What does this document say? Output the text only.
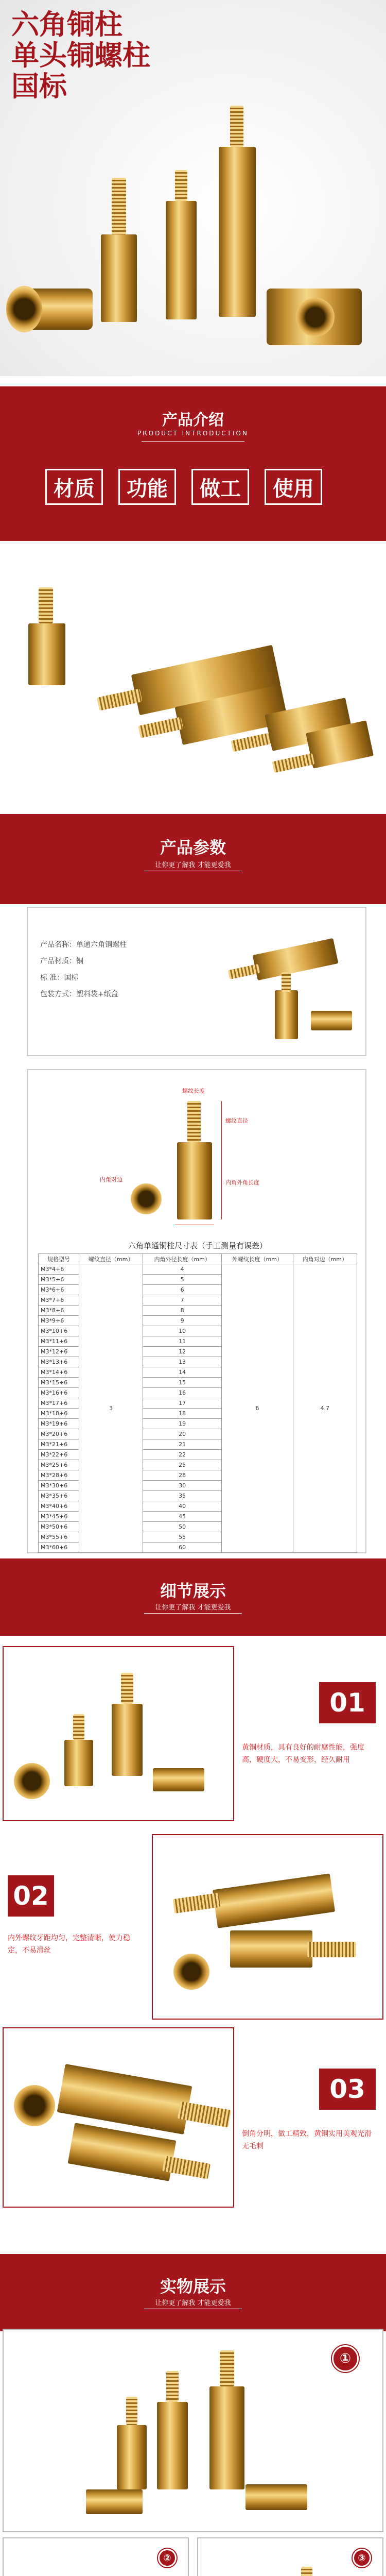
六角铜柱
单头铜螺柱
国标
产品介绍
PRODUCT INTRODUCTION
材质	功能	做工	使用
产品参数
让你更了解我 才能更爱我
产品名称：单通六角铜螺柱
产品材质：铜
标 准：国标
包装方式：塑料袋+纸盒
螺纹长度
螺纹直径
内角对边	内角外角长度
六角单通铜柱尺寸表（手工测量有误差）
规格型号	螺纹直径（mm）	内角外径长度（mm）	外螺纹长度（mm）	内角对边（mm）
M3*4+6	3	4	6	4.7
M3*5+6		5		
M3*6+6		6		
M3*7+6		7		
M3*8+6		8		
M3*9+6		9		
M3*10+6		10		
M3*11+6		11		
M3*12+6		12		
M3*13+6		13		
M3*14+6		14		
M3*15+6		15		
M3*16+6		16		
M3*17+6		17		
M3*18+6		18		
M3*19+6		19		
M3*20+6		20		
M3*21+6		21		
M3*22+6		22		
M3*25+6		25		
M3*28+6		28		
M3*30+6		30		
M3*35+6		35		
M3*40+6		40		
M3*45+6		45		
M3*50+6		50		
M3*55+6		55		
M3*60+6		60		
细节展示
让你更了解我 才能更爱我
01
黄铜材质，具有良好的耐腐性能，强度高，硬度大，不易变形，经久耐用
02
内外螺纹牙距均匀，完整清晰，使力稳定，不易滑丝
03
倒角分明，做工精致，黄铜实用美观光滑无毛刺
实物展示
让你更了解我 才能更爱我
①
②	③
